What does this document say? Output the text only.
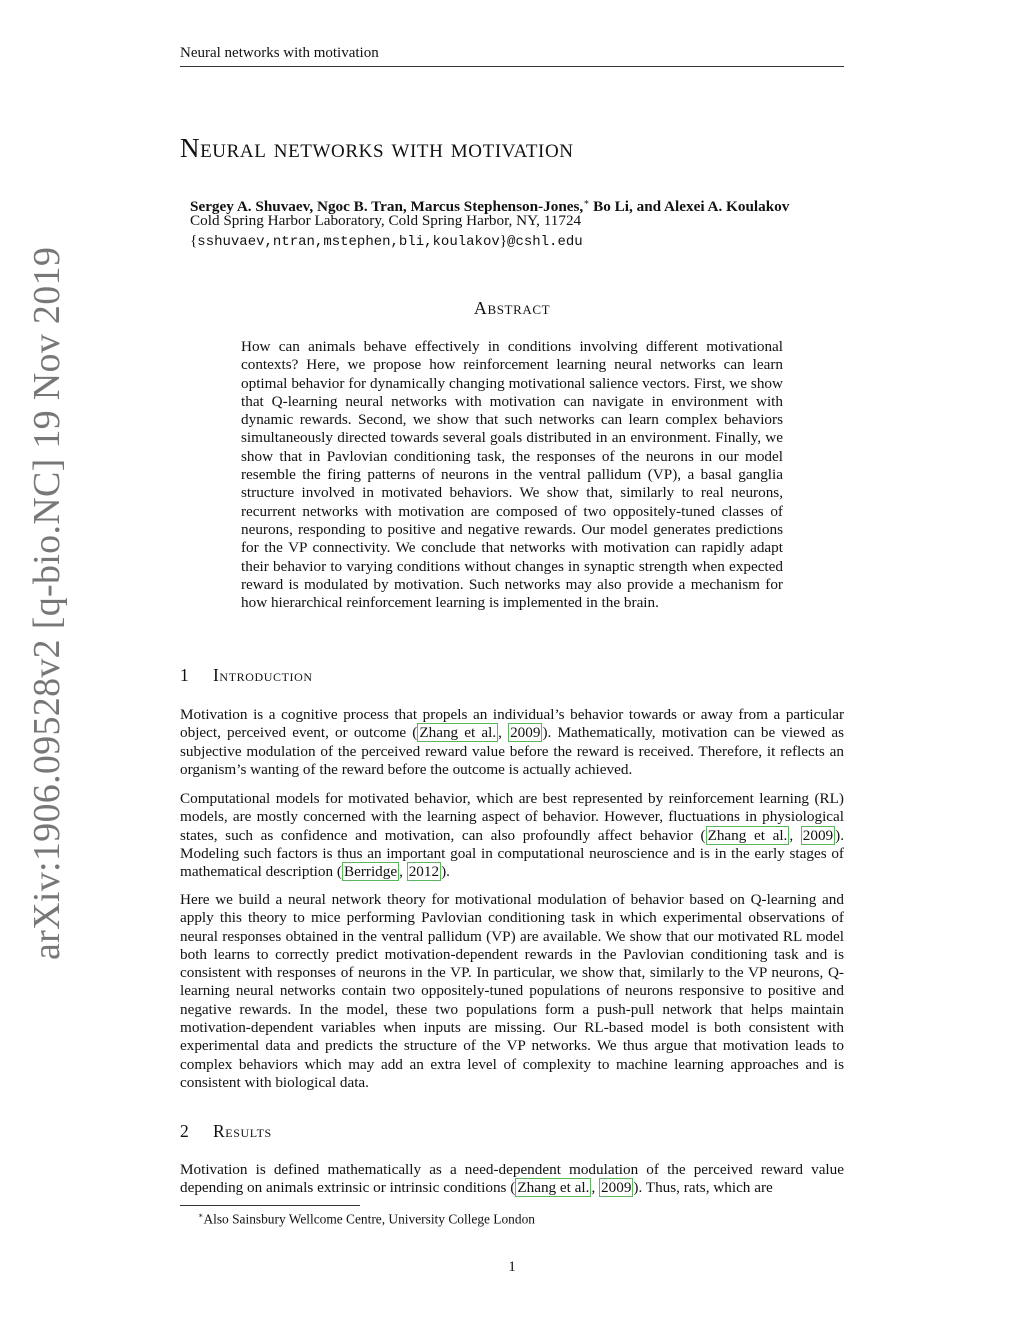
Neural networks with motivation
arXiv:1906.09528v2 [q-bio.NC] 19 Nov 2019
Neural networks with motivation
Sergey A. Shuvaev, Ngoc B. Tran, Marcus Stephenson-Jones,∗ Bo Li, and Alexei A. Koulakov
Cold Spring Harbor Laboratory, Cold Spring Harbor, NY, 11724
{sshuvaev,ntran,mstephen,bli,koulakov}@cshl.edu
Abstract
How can animals behave effectively in conditions involving different motivational contexts? Here, we propose how reinforcement learning neural networks can learn optimal behavior for dynamically changing motivational salience vectors. First, we show that Q-learning neural networks with motivation can navigate in environment with dynamic rewards. Second, we show that such networks can learn complex behaviors simultaneously directed towards several goals distributed in an environment. Finally, we show that in Pavlovian conditioning task, the responses of the neurons in our model resemble the firing patterns of neurons in the ventral pallidum (VP), a basal ganglia structure involved in motivated behaviors. We show that, similarly to real neurons, recurrent networks with motivation are composed of two oppositely-tuned classes of neurons, responding to positive and negative rewards. Our model generates predictions for the VP connectivity. We conclude that networks with motivation can rapidly adapt their behavior to varying conditions without changes in synaptic strength when expected reward is modulated by motivation. Such networks may also provide a mechanism for how hierarchical reinforcement learning is implemented in the brain.
1 Introduction
Motivation is a cognitive process that propels an individual’s behavior towards or away from a particular object, perceived event, or outcome ( Zhang et al. , 2009 ). Mathematically, motivation can be viewed as subjective modulation of the perceived reward value before the reward is received. Therefore, it reflects an organism’s wanting of the reward before the outcome is actually achieved.
Computational models for motivated behavior, which are best represented by reinforcement learning (RL) models, are mostly concerned with the learning aspect of behavior. However, fluctuations in physiological states, such as confidence and motivation, can also profoundly affect behavior ( Zhang et al. , 2009 ). Modeling such factors is thus an important goal in computational neuroscience and is in the early stages of mathematical description ( Berridge , 2012 ).
Here we build a neural network theory for motivational modulation of behavior based on Q-learning and apply this theory to mice performing Pavlovian conditioning task in which experimental observations of neural responses obtained in the ventral pallidum (VP) are available. We show that our motivated RL model both learns to correctly predict motivation-dependent rewards in the Pavlovian conditioning task and is consistent with responses of neurons in the VP. In particular, we show that, similarly to the VP neurons, Q-learning neural networks contain two oppositely-tuned populations of neurons responsive to positive and negative rewards. In the model, these two populations form a push-pull network that helps maintain motivation-dependent variables when inputs are missing. Our RL-based model is both consistent with experimental data and predicts the structure of the VP networks. We thus argue that motivation leads to complex behaviors which may add an extra level of complexity to machine learning approaches and is consistent with biological data.
2 Results
Motivation is defined mathematically as a need-dependent modulation of the perceived reward value depending on animals extrinsic or intrinsic conditions ( Zhang et al. , 2009 ). Thus, rats, which are
∗Also Sainsbury Wellcome Centre, University College London
1
